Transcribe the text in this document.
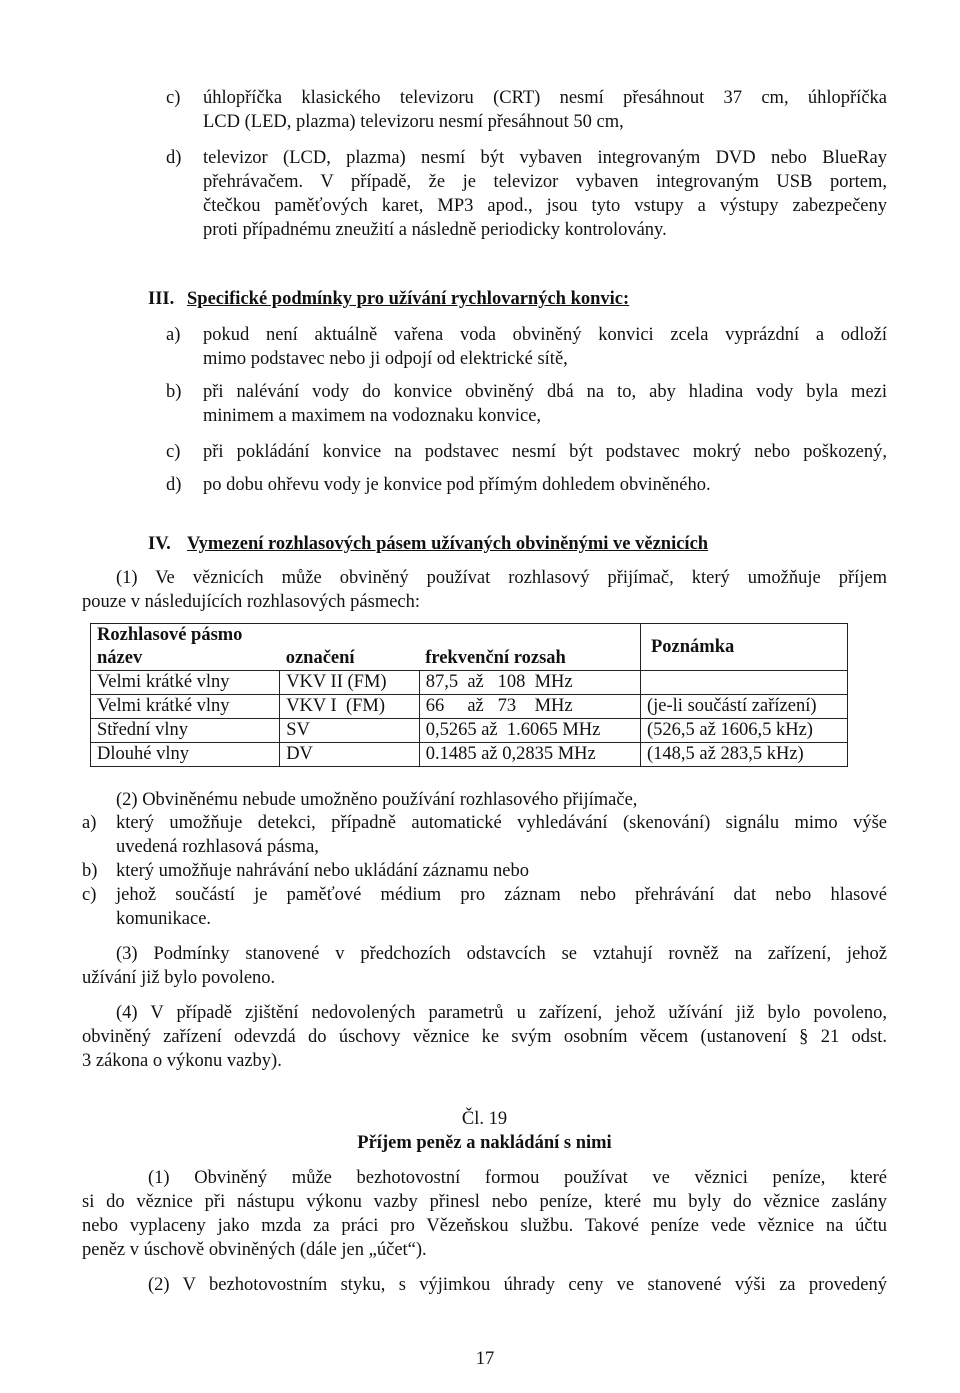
c) úhlopříčka klasického televizoru (CRT) nesmí přesáhnout 37 cm, úhlopříčka
LCD (LED, plazma) televizoru nesmí přesáhnout 50 cm,
d) televizor (LCD, plazma) nesmí být vybaven integrovaným DVD nebo BlueRay
přehrávačem. V případě, že je televizor vybaven integrovaným USB portem,
čtečkou paměťových karet, MP3 apod., jsou tyto vstupy a výstupy zabezpečeny
proti případnému zneužití a následně periodicky kontrolovány.
III. Specifické podmínky pro užívání rychlovarných konvic:
a) pokud není aktuálně vařena voda obviněný konvici zcela vyprázdní a odloží
mimo podstavec nebo ji odpojí od elektrické sítě,
b) při nalévání vody do konvice obviněný dbá na to, aby hladina vody byla mezi
minimem a maximem na vodoznaku konvice,
c) při pokládání konvice na podstavec nesmí být podstavec mokrý nebo poškozený,
d) po dobu ohřevu vody je konvice pod přímým dohledem obviněného.
IV. Vymezení rozhlasových pásem užívaných obviněnými ve věznicích
(1) Ve věznicích může obviněný používat rozhlasový přijímač, který umožňuje příjem
pouze v následujících rozhlasových pásmech:
Rozhlasové pásmo			Poznámka
název	označení	frekvenční rozsah	
Velmi krátké vlny	VKV II (FM)	87,5  až   108  MHz	
Velmi krátké vlny	VKV I  (FM)	66     až   73    MHz	(je-li součástí zařízení)
Střední vlny	SV	0,5265 až  1.6065 MHz	(526,5 až 1606,5 kHz)
Dlouhé vlny	DV	0.1485 až 0,2835 MHz	(148,5 až 283,5 kHz)
(2) Obviněnému nebude umožněno používání rozhlasového přijímače,
a) který umožňuje detekci, případně automatické vyhledávání (skenování) signálu mimo výše
uvedená rozhlasová pásma,
b) který umožňuje nahrávání nebo ukládání záznamu nebo
c) jehož součástí je paměťové médium pro záznam nebo přehrávání dat nebo hlasové
komunikace.
(3) Podmínky stanovené v předchozích odstavcích se vztahují rovněž na zařízení, jehož
užívání již bylo povoleno.
(4) V případě zjištění nedovolených parametrů u zařízení, jehož užívání již bylo povoleno,
obviněný zařízení odevzdá do úschovy věznice ke svým osobním věcem (ustanovení § 21 odst.
3 zákona o výkonu vazby).
Čl. 19
Příjem peněz a nakládání s nimi
(1) Obviněný může bezhotovostní formou používat ve věznici peníze, které
si do věznice při nástupu výkonu vazby přinesl nebo peníze, které mu byly do věznice zaslány
nebo vyplaceny jako mzda za práci pro Vězeňskou službu. Takové peníze vede věznice na účtu
peněz v úschově obviněných (dále jen „účet“).
(2) V bezhotovostním styku, s výjimkou úhrady ceny ve stanovené výši za provedený
17
